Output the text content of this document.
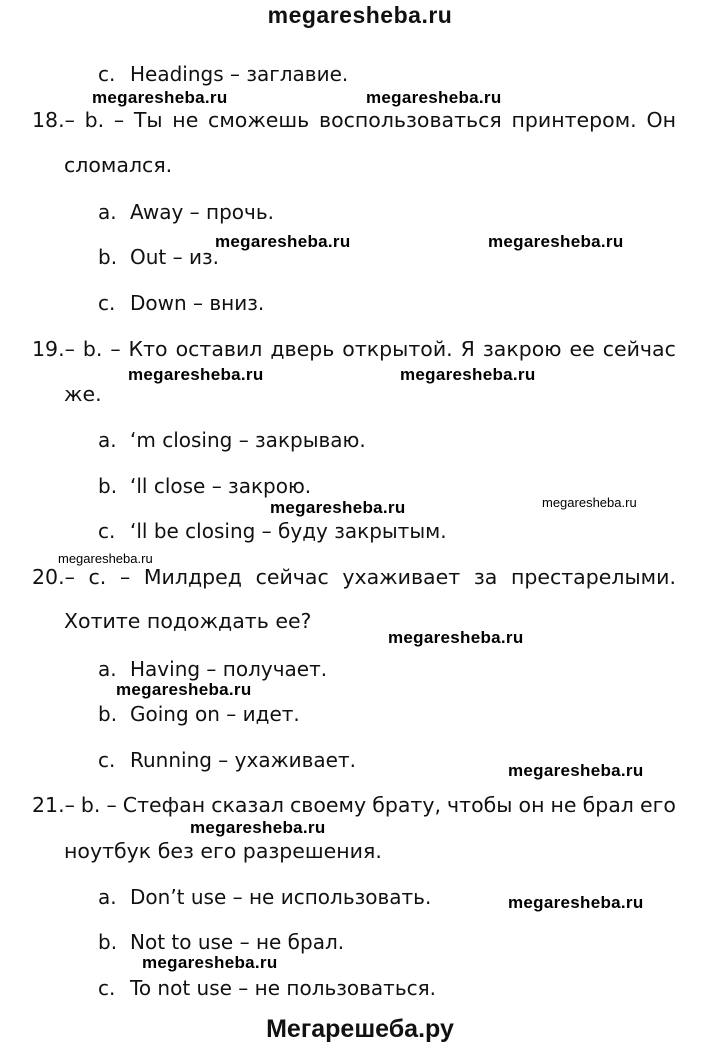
megaresheba.ru
c. Headings – заглавие.
18.– b. – Ты не сможешь воспользоваться принтером. Он
сломался.
a. Away – прочь.
b. Out – из.
c. Down – вниз.
19.– b. – Кто оставил дверь открытой. Я закрою ее сейчас
же.
a. ‘m closing – закрываю.
b. ‘ll close – закрою.
c. ‘ll be closing – буду закрытым.
20.– c. – Милдред сейчас ухаживает за престарелыми.
Хотите подождать ее?
a. Having – получает.
b. Going on – идет.
c. Running – ухаживает.
21.– b. – Стефан сказал своему брату, чтобы он не брал его
ноутбук без его разрешения.
a. Don’t use – не использовать.
b. Not to use – не брал.
c. To not use – не пользоваться.
megaresheba.ru	megaresheba.ru
megaresheba.ru	megaresheba.ru
megaresheba.ru	megaresheba.ru
megaresheba.ru	megaresheba.ru
megaresheba.ru
megaresheba.ru
megaresheba.ru
megaresheba.ru
megaresheba.ru
megaresheba.ru
megaresheba.ru
Мегарешеба.ру
